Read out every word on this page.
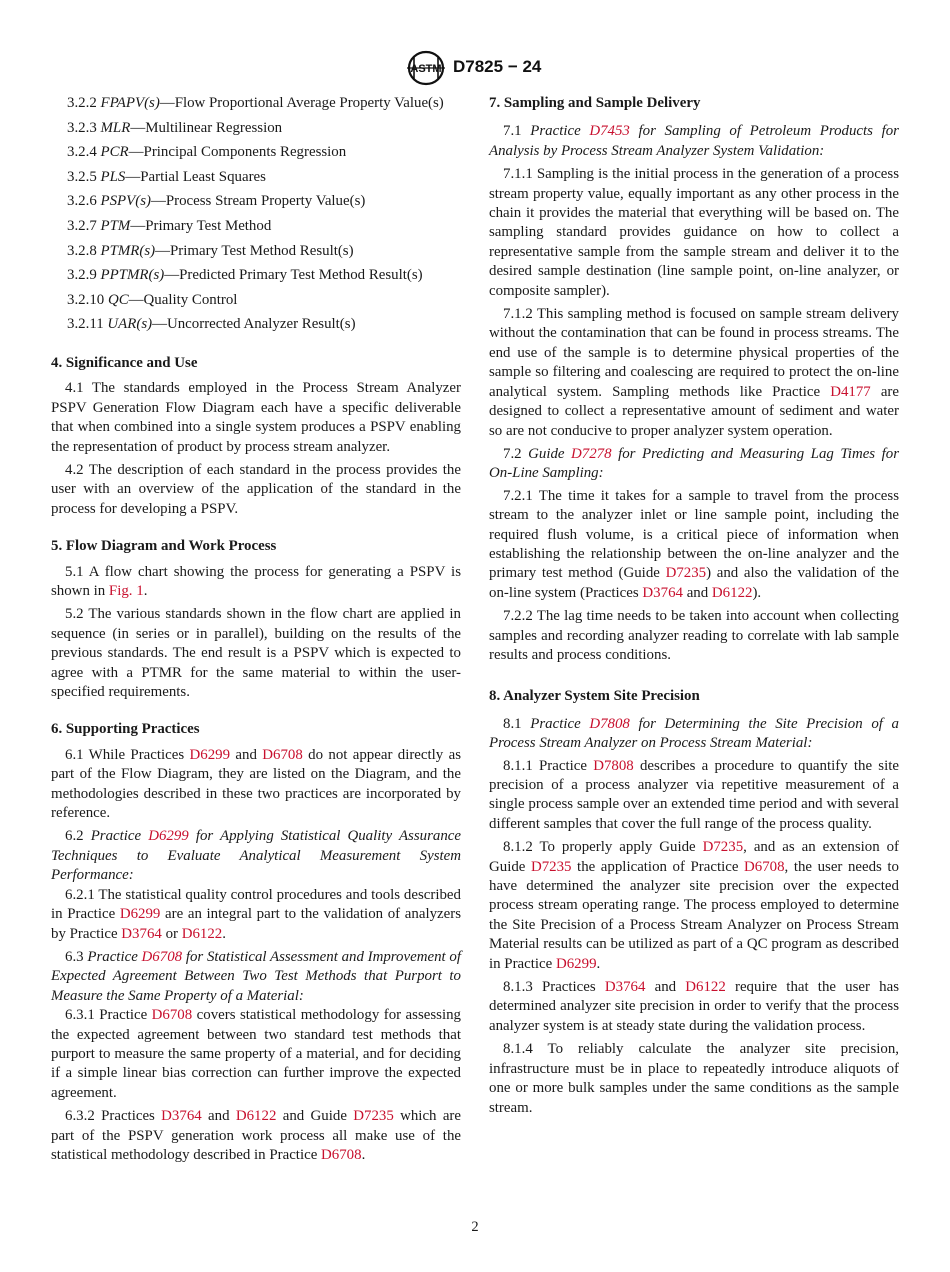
ASTM D7825 − 24

3.2.2 FPAPV(s)—Flow Proportional Average Property Value(s)

3.2.3 MLR—Multilinear Regression

3.2.4 PCR—Principal Components Regression

3.2.5 PLS—Partial Least Squares

3.2.6 PSPV(s)—Process Stream Property Value(s)

3.2.7 PTM—Primary Test Method

3.2.8 PTMR(s)—Primary Test Method Result(s)

3.2.9 PPTMR(s)—Predicted Primary Test Method Result(s)

3.2.10 QC—Quality Control

3.2.11 UAR(s)—Uncorrected Analyzer Result(s)

4. Significance and Use

4.1 The standards employed in the Process Stream Analyzer PSPV Generation Flow Diagram each have a specific deliverable that when combined into a single system produces a PSPV enabling the representation of product by process stream analyzer.

4.2 The description of each standard in the process provides the user with an overview of the application of the standard in the process for developing a PSPV.

5. Flow Diagram and Work Process

5.1 A flow chart showing the process for generating a PSPV is shown in Fig. 1.

5.2 The various standards shown in the flow chart are applied in sequence (in series or in parallel), building on the results of the previous standards. The end result is a PSPV which is expected to agree with a PTMR for the same material to within the user-specified requirements.

6. Supporting Practices

6.1 While Practices D6299 and D6708 do not appear directly as part of the Flow Diagram, they are listed on the Diagram, and the methodologies described in these two practices are incorporated by reference.

6.2 Practice D6299 for Applying Statistical Quality Assurance Techniques to Evaluate Analytical Measurement System Performance:

6.2.1 The statistical quality control procedures and tools described in Practice D6299 are an integral part to the validation of analyzers by Practice D3764 or D6122.

6.3 Practice D6708 for Statistical Assessment and Improvement of Expected Agreement Between Two Test Methods that Purport to Measure the Same Property of a Material:

6.3.1 Practice D6708 covers statistical methodology for assessing the expected agreement between two standard test methods that purport to measure the same property of a material, and for deciding if a simple linear bias correction can further improve the expected agreement.

6.3.2 Practices D3764 and D6122 and Guide D7235 which are part of the PSPV generation work process all make use of the statistical methodology described in Practice D6708.

7. Sampling and Sample Delivery

7.1 Practice D7453 for Sampling of Petroleum Products for Analysis by Process Stream Analyzer System Validation:

7.1.1 Sampling is the initial process in the generation of a process stream property value, equally important as any other process in the chain it provides the material that everything will be based on. The sampling standard provides guidance on how to collect a representative sample from the sample stream and deliver it to the desired sample destination (line sample point, on-line analyzer, or composite sampler).

7.1.2 This sampling method is focused on sample stream delivery without the contamination that can be found in process streams. The end use of the sample is to determine physical properties of the sample so filtering and coalescing are required to protect the on-line analytical system. Sampling methods like Practice D4177 are designed to collect a representative amount of sediment and water so are not conducive to proper analyzer system operation.

7.2 Guide D7278 for Predicting and Measuring Lag Times for On-Line Sampling:

7.2.1 The time it takes for a sample to travel from the process stream to the analyzer inlet or line sample point, including the required flush volume, is a critical piece of information when establishing the relationship between the on-line analyzer and the primary test method (Guide D7235) and also the validation of the on-line system (Practices D3764 and D6122).

7.2.2 The lag time needs to be taken into account when collecting samples and recording analyzer reading to correlate with lab sample results and process conditions.

8. Analyzer System Site Precision

8.1 Practice D7808 for Determining the Site Precision of a Process Stream Analyzer on Process Stream Material:

8.1.1 Practice D7808 describes a procedure to quantify the site precision of a process analyzer via repetitive measurement of a single process sample over an extended time period and with several different samples that cover the full range of the process quality.

8.1.2 To properly apply Guide D7235, and as an extension of Guide D7235 the application of Practice D6708, the user needs to have determined the analyzer site precision over the expected process stream operating range. The process employed to determine the Site Precision of a Process Stream Analyzer on Process Stream Material results can be utilized as part of a QC program as described in Practice D6299.

8.1.3 Practices D3764 and D6122 require that the user has determined analyzer site precision in order to verify that the process analyzer system is at steady state during the validation process.

8.1.4 To reliably calculate the analyzer site precision, infrastructure must be in place to repeatedly introduce aliquots of one or more bulk samples under the same conditions as the sample stream.

2
